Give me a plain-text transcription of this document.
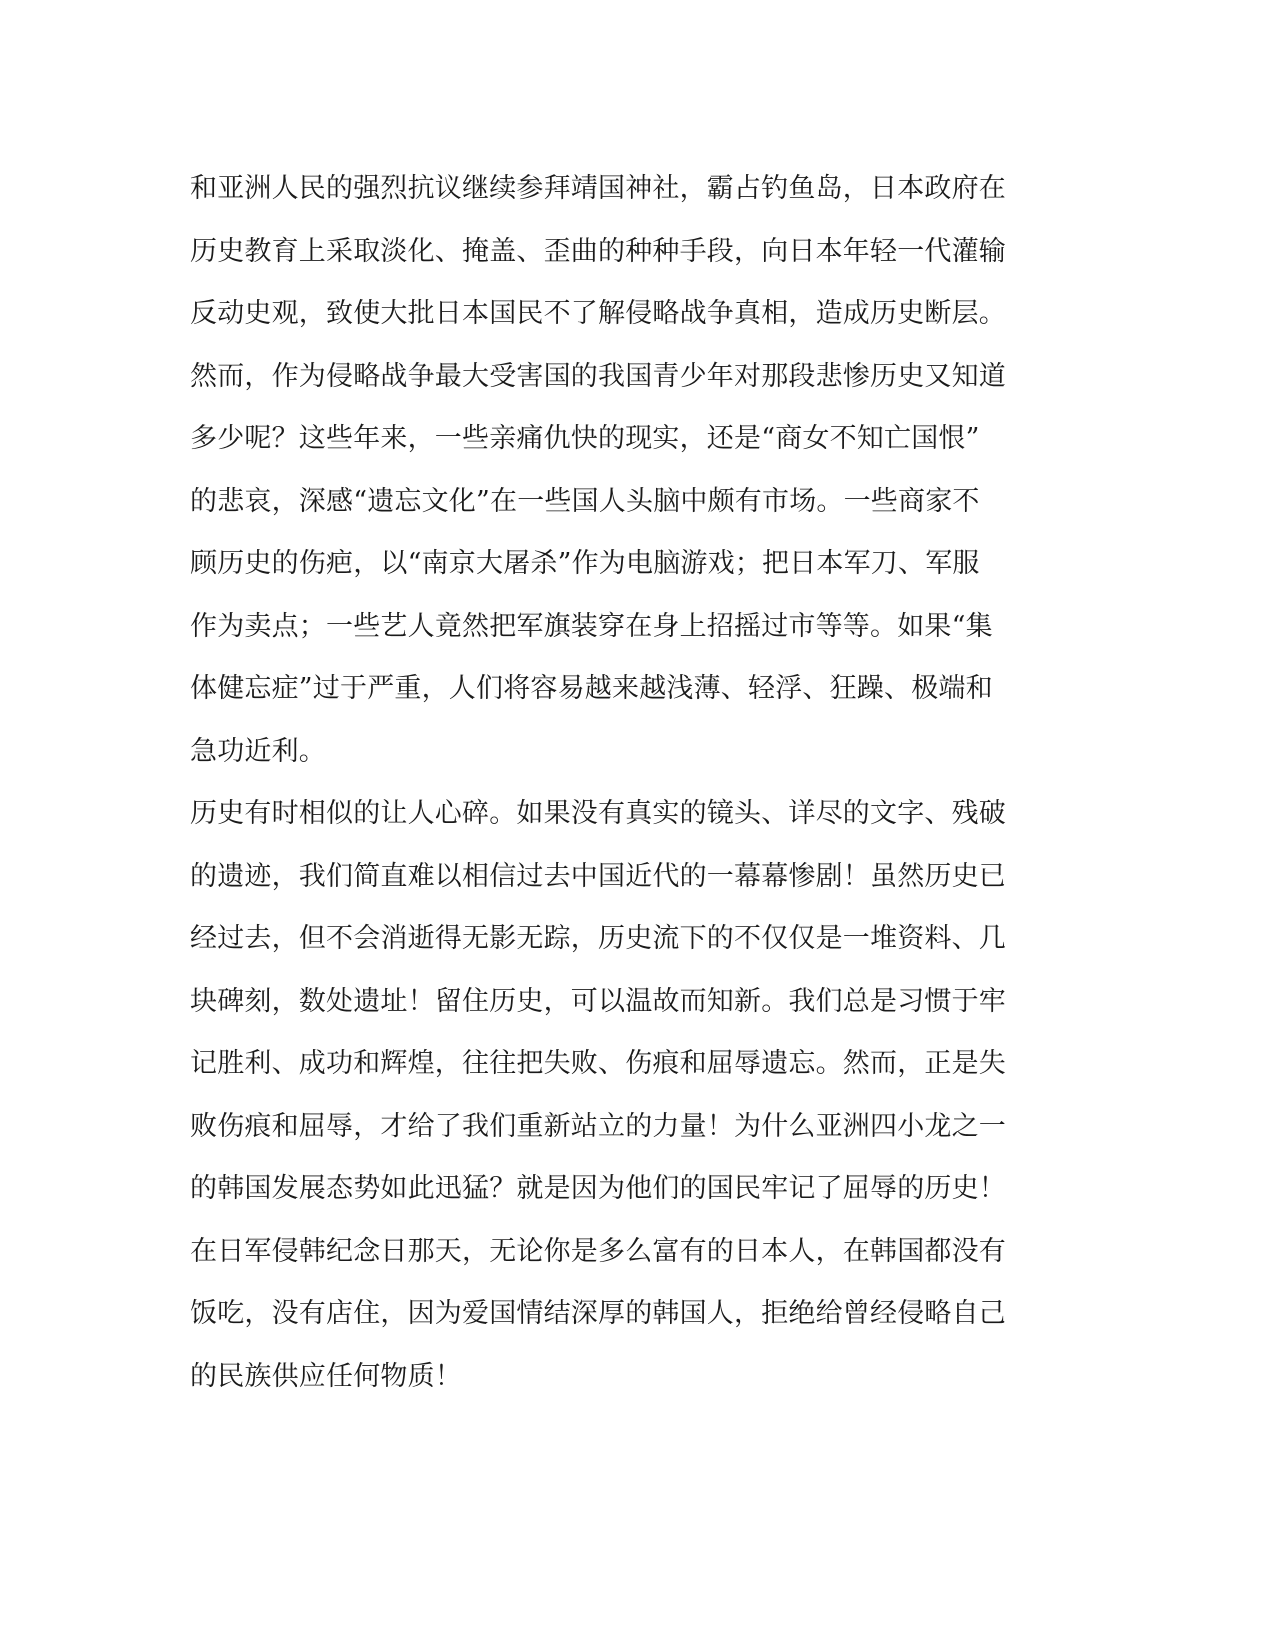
和亚洲人民的强烈抗议继续参拜靖国神社，霸占钓鱼岛，日本政府在
历史教育上采取淡化、掩盖、歪曲的种种手段，向日本年轻一代灌输
反动史观，致使大批日本国民不了解侵略战争真相，造成历史断层。
然而，作为侵略战争最大受害国的我国青少年对那段悲惨历史又知道
多少呢？这些年来，一些亲痛仇快的现实，还是“商女不知亡国恨”
的悲哀，深感“遗忘文化”在一些国人头脑中颇有市场。一些商家不
顾历史的伤疤，以“南京大屠杀”作为电脑游戏；把日本军刀、军服
作为卖点；一些艺人竟然把军旗装穿在身上招摇过市等等。如果“集
体健忘症”过于严重，人们将容易越来越浅薄、轻浮、狂躁、极端和
急功近利。
历史有时相似的让人心碎。如果没有真实的镜头、详尽的文字、残破
的遗迹，我们简直难以相信过去中国近代的一幕幕惨剧！虽然历史已
经过去，但不会消逝得无影无踪，历史流下的不仅仅是一堆资料、几
块碑刻，数处遗址！留住历史，可以温故而知新。我们总是习惯于牢
记胜利、成功和辉煌，往往把失败、伤痕和屈辱遗忘。然而，正是失
败伤痕和屈辱，才给了我们重新站立的力量！为什么亚洲四小龙之一
的韩国发展态势如此迅猛？就是因为他们的国民牢记了屈辱的历史！
在日军侵韩纪念日那天，无论你是多么富有的日本人，在韩国都没有
饭吃，没有店住，因为爱国情结深厚的韩国人，拒绝给曾经侵略自己
的民族供应任何物质！
